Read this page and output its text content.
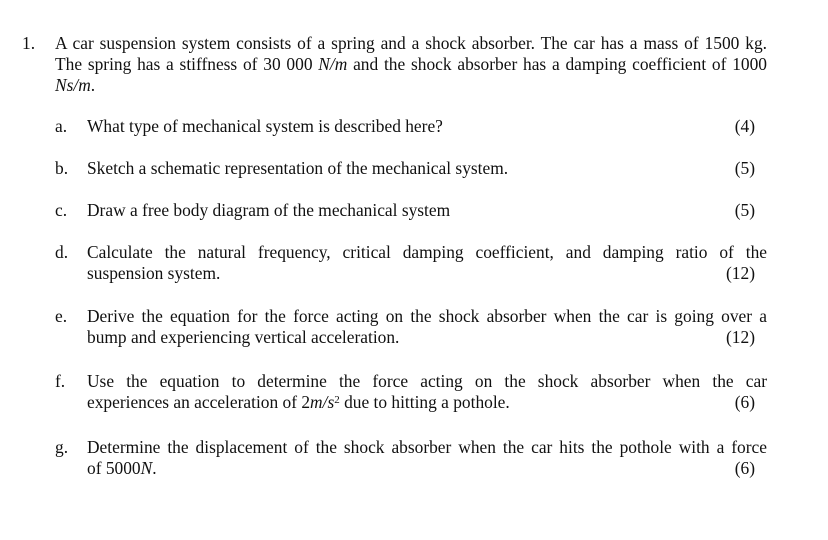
1. A car suspension system consists of a spring and a shock absorber. The car has a mass of 1500 kg. The spring has a stiffness of 30 000 N/m and the shock absorber has a damping coefficient of 1000 Ns/m.
a. What type of mechanical system is described here?	(4)
b. Sketch a schematic representation of the mechanical system.	(5)
c. Draw a free body diagram of the mechanical system	(5)
d. Calculate the natural frequency, critical damping coefficient, and damping ratio of the
suspension system.	(12)
e. Derive the equation for the force acting on the shock absorber when the car is going over a
bump and experiencing vertical acceleration.	(12)
f. Use the equation to determine the force acting on the shock absorber when the car
experiences an acceleration of $2m/s^2$ due to hitting a pothole.	(6)
g. Determine the displacement of the shock absorber when the car hits the pothole with a force
of 5000N.	(6)
